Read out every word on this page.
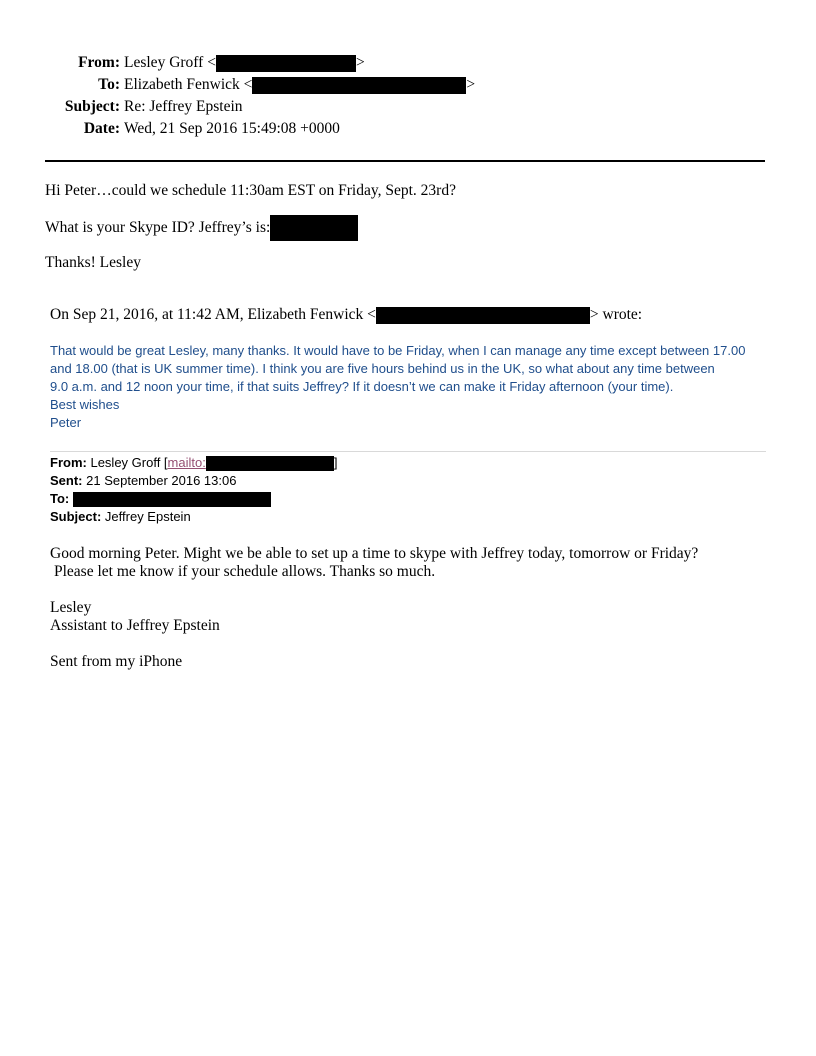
From: Lesley Groff <	>
To: Elizabeth Fenwick <	>
Subject: Re: Jeffrey Epstein
Date: Wed, 21 Sep 2016 15:49:08 +0000
Hi Peter…could we schedule 11:30am EST on Friday, Sept. 23rd?
What is your Skype ID? Jeffrey’s is:
Thanks! Lesley
On Sep 21, 2016, at 11:42 AM, Elizabeth Fenwick <	> wrote:
That would be great Lesley, many thanks. It would have to be Friday, when I can manage any time except between 17.00
and 18.00 (that is UK summer time). I think you are five hours behind us in the UK, so what about any time between
9.0 a.m. and 12 noon your time, if that suits Jeffrey? If it doesn’t we can make it Friday afternoon (your time).
Best wishes
Peter
From: Lesley Groff [mailto:	]
Sent: 21 September 2016 13:06
To:
Subject: Jeffrey Epstein
Good morning Peter. Might we be able to set up a time to skype with Jeffrey today, tomorrow or Friday?
Please let me know if your schedule allows. Thanks so much.
Lesley
Assistant to Jeffrey Epstein
Sent from my iPhone
